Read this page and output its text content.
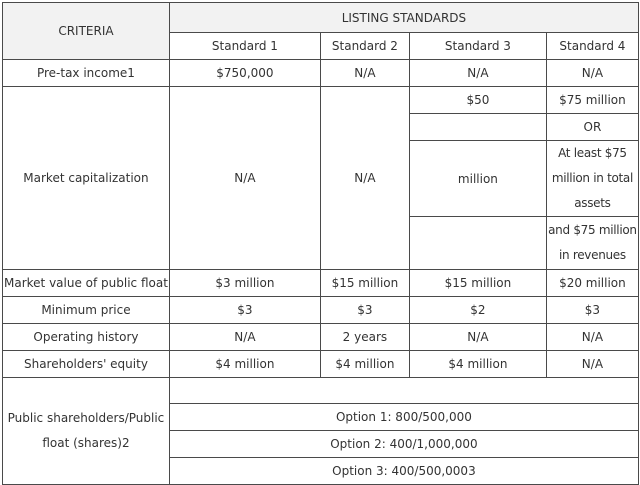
CRITERIA	LISTING STANDARDS			
	Standard 1	Standard 2	Standard 3	Standard 4
Pre-tax income1	$750,000	N/A	N/A	N/A
Market capitalization	N/A	N/A	$50	$75 million
				OR
			million	At least $75 million in total assets
				and $75 million in revenues
Market value of public float	$3 million	$15 million	$15 million	$20 million
Minimum price	$3	$3	$2	$3
Operating history	N/A	2 years	N/A	N/A
Shareholders' equity	$4 million	$4 million	$4 million	N/A
Public shareholders/Public float (shares)2				
	Option 1: 800/500,000			
	Option 2: 400/1,000,000			
	Option 3: 400/500,0003			
